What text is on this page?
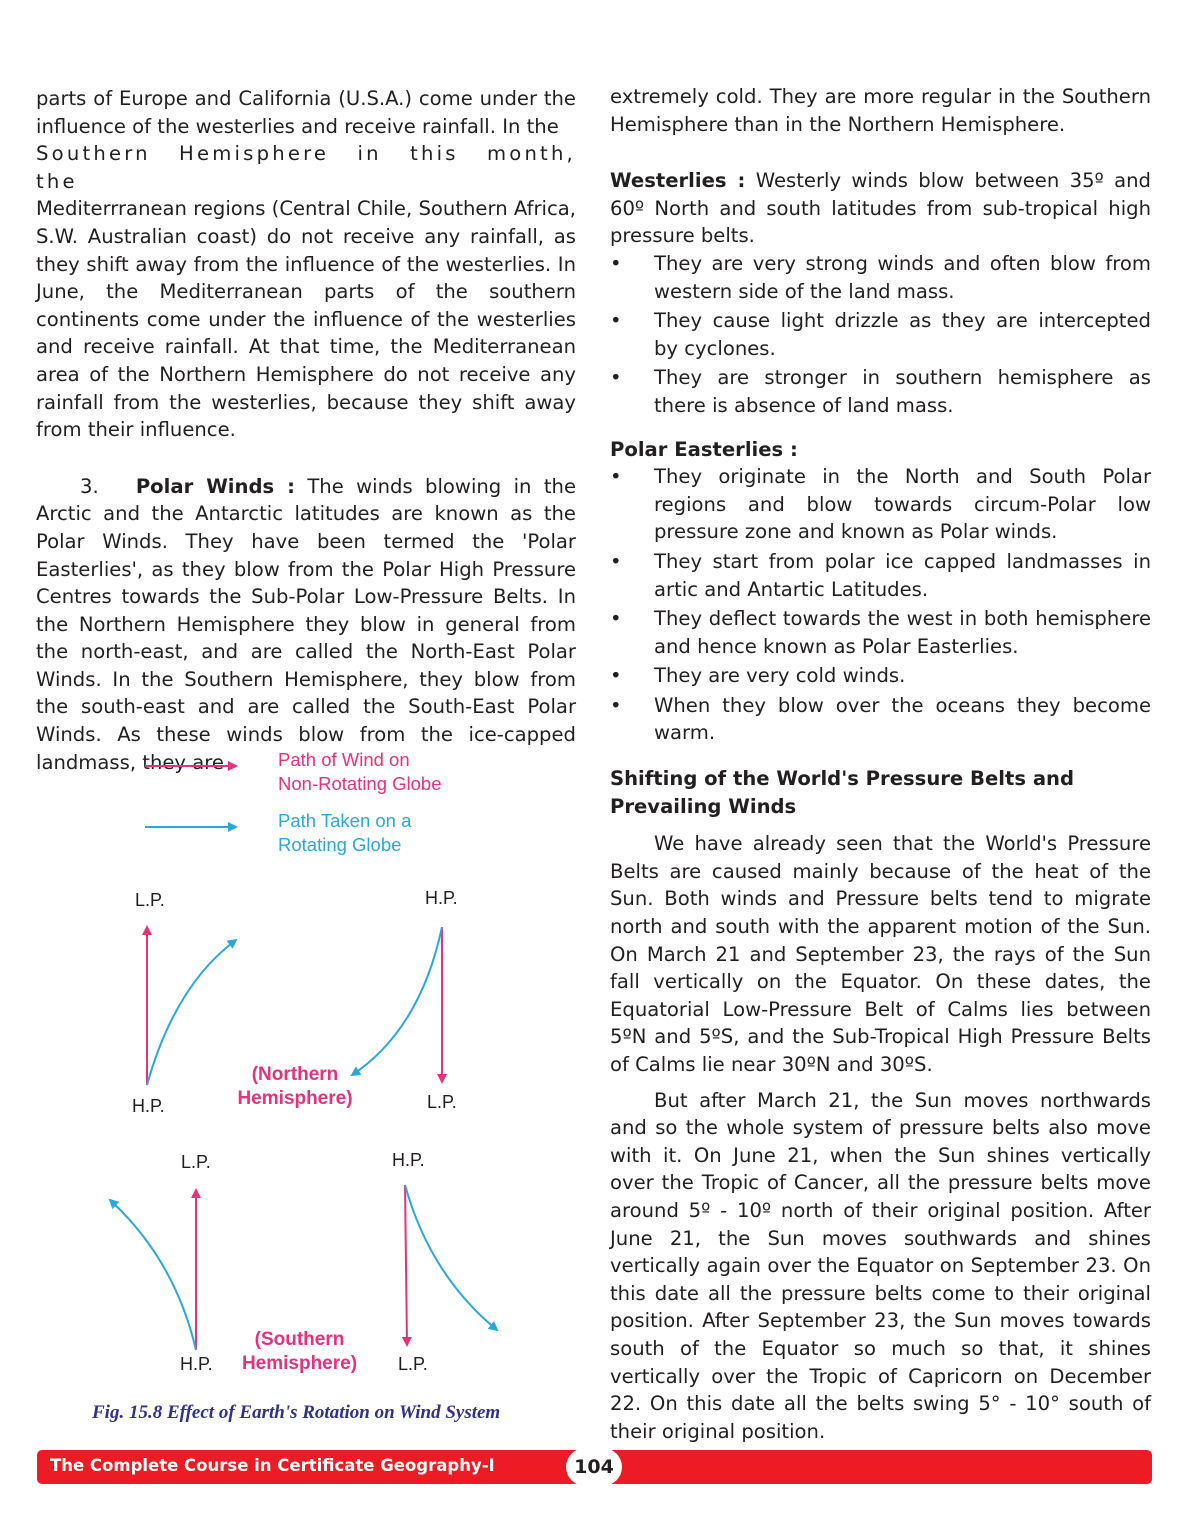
parts of Europe and California (U.S.A.) come under the influence of the westerlies and receive rainfall. In the

Southern Hemisphere in this month, the

Mediterrranean regions (Central Chile, Southern Africa, S.W. Australian coast) do not receive any rainfall, as they shift away from the influence of the westerlies. In June, the Mediterranean parts of the southern continents come under the influence of the westerlies and receive rainfall. At that time, the Mediterranean area of the Northern Hemisphere do not receive any rainfall from the westerlies, because they shift away from their influence.

3. Polar Winds : The winds blowing in the Arctic and the Antarctic latitudes are known as the Polar Winds. They have been termed the 'Polar Easterlies', as they blow from the Polar High Pressure Centres towards the Sub-Polar Low-Pressure Belts. In the Northern Hemisphere they blow in general from the north-east, and are called the North-East Polar Winds. In the Southern Hemisphere, they blow from the south-east and are called the South-East Polar Winds. As these winds blow from the ice-capped landmass, they are	Path of Wind on
Non-Rotating Globe
Path Taken on a
Rotating Globe
L.P.
H.P.
H.P.
L.P.
(Northern
Hemisphere)
L.P.
H.P.
H.P.
L.P.
(Southern
Hemisphere)
Fig. 15.8 Effect of Earth's Rotation on Wind System

extremely cold. They are more regular in the Southern Hemisphere than in the Northern Hemisphere.

Westerlies : Westerly winds blow between 35º and 60º North and south latitudes from sub-tropical high pressure belts.

• They are very strong winds and often blow from western side of the land mass.
• They cause light drizzle as they are intercepted by cyclones.
• They are stronger in southern hemisphere as there is absence of land mass.

Polar Easterlies :

• They originate in the North and South Polar regions and blow towards circum-Polar low pressure zone and known as Polar winds.
• They start from polar ice capped landmasses in artic and Antartic Latitudes.
• They deflect towards the west in both hemisphere and hence known as Polar Easterlies.
• They are very cold winds.
• When they blow over the oceans they become warm.

Shifting of the World's Pressure Belts and Prevailing Winds

We have already seen that the World's Pressure Belts are caused mainly because of the heat of the Sun. Both winds and Pressure belts tend to migrate north and south with the apparent motion of the Sun. On March 21 and September 23, the rays of the Sun fall vertically on the Equator. On these dates, the Equatorial Low-Pressure Belt of Calms lies between 5ºN and 5ºS, and the Sub-Tropical High Pressure Belts of Calms lie near 30ºN and 30ºS.

But after March 21, the Sun moves northwards and so the whole system of pressure belts also move with it. On June 21, when the Sun shines vertically over the Tropic of Cancer, all the pressure belts move around 5º - 10º north of their original position. After June 21, the Sun moves southwards and shines vertically again over the Equator on September 23. On this date all the pressure belts come to their original position. After September 23, the Sun moves towards south of the Equator so much so that, it shines vertically over the Tropic of Capricorn on December 22. On this date all the belts swing 5° - 10° south of their original position.

The Complete Course in Certificate Geography-I	104
